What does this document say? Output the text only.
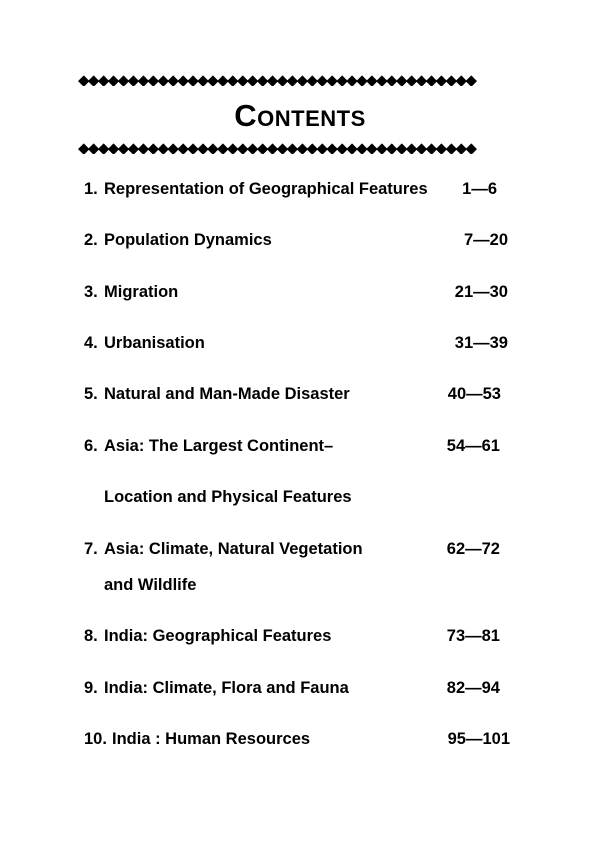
◆◆◆◆◆◆◆◆◆◆◆◆◆◆◆◆◆◆◆◆◆◆◆◆◆◆◆◆◆◆◆◆◆◆◆◆◆◆◆◆
CONTENTS
◆◆◆◆◆◆◆◆◆◆◆◆◆◆◆◆◆◆◆◆◆◆◆◆◆◆◆◆◆◆◆◆◆◆◆◆◆◆◆◆
1. Representation of Geographical Features 1—6
2. Population Dynamics	7—20
3. Migration	21—30
4. Urbanisation	31—39
5. Natural and Man-Made Disaster	40—53
6. Asia: The Largest Continent–	54—61
Location and Physical Features
7. Asia: Climate, Natural Vegetation	62—72
and Wildlife
8. India: Geographical Features	73—81
9. India: Climate, Flora and Fauna	82—94
10. India : Human Resources	95—101
